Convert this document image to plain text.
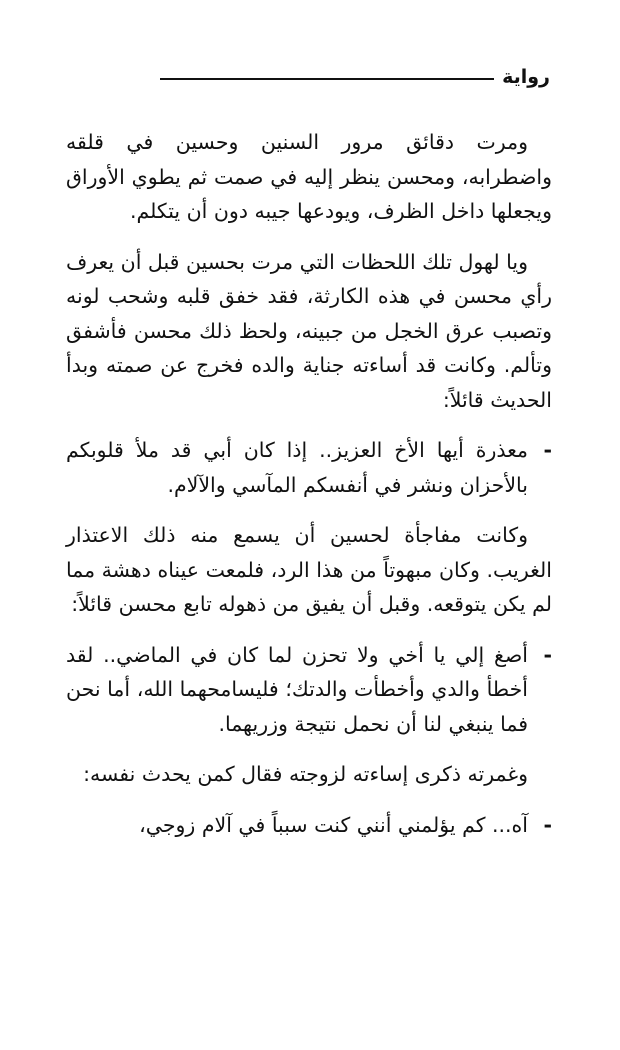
رواية

ومرت دقائق مرور السنين وحسين في قلقه واضطرابه، ومحسن ينظر إليه في صمت ثم يطوي الأوراق ويجعلها داخل الظرف، ويودعها جيبه دون أن يتكلم.

ويا لهول تلك اللحظات التي مرت بحسين قبل أن يعرف رأي محسن في هذه الكارثة، فقد خفق قلبه وشحب لونه وتصبب عرق الخجل من جبينه، ولحظ ذلك محسن فأشفق وتألم. وكانت قد أساءته جناية والده فخرج عن صمته وبدأ الحديث قائلاً:

-
معذرة أيها الأخ العزيز.. إذا كان أبي قد ملأ قلوبكم بالأحزان ونشر في أنفسكم المآسي والآلام.

وكانت مفاجأة لحسين أن يسمع منه ذلك الاعتذار الغريب. وكان مبهوتاً من هذا الرد، فلمعت عيناه دهشة مما لم يكن يتوقعه. وقبل أن يفيق من ذهوله تابع محسن قائلاً:

-
أصغ إلي يا أخي ولا تحزن لما كان في الماضي.. لقد أخطأ والدي وأخطأت والدتك؛ فليسامحهما الله، أما نحن فما ينبغي لنا أن نحمل نتيجة وزريهما.

وغمرته ذكرى إساءته لزوجته فقال كمن يحدث نفسه:

-
آه... كم يؤلمني أنني كنت سبباً في آلام زوجي،
